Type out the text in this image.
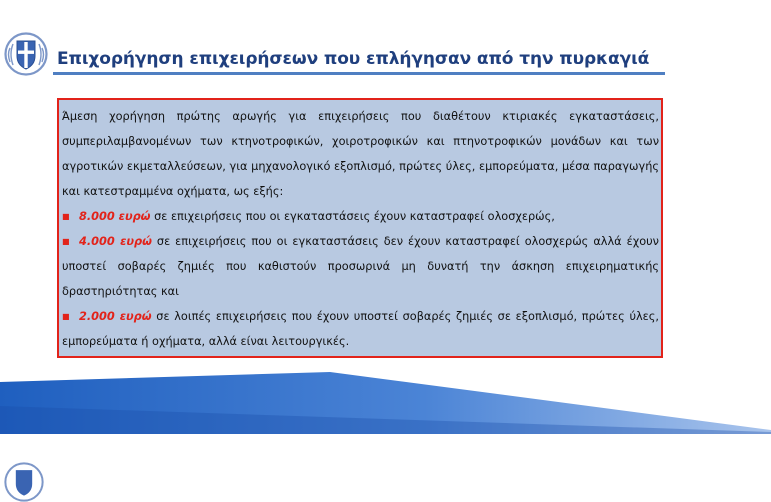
Επιχορήγηση επιχειρήσεων που επλήγησαν από την πυρκαγιά

Άμεση χορήγηση πρώτης αρωγής για επιχειρήσεις που διαθέτουν κτιριακές εγκαταστάσεις, συμπεριλαμβανομένων των κτηνοτροφικών, χοιροτροφικών και πτηνοτροφικών μονάδων και των αγροτικών εκμεταλλεύσεων, για μηχανολογικό εξοπλισμό, πρώτες ύλες, εμπορεύματα, μέσα παραγωγής και κατεστραμμένα οχήματα, ως εξής:

■ 8.000 ευρώ σε επιχειρήσεις που οι εγκαταστάσεις έχουν καταστραφεί ολοσχερώς,

■ 4.000 ευρώ σε επιχειρήσεις που οι εγκαταστάσεις δεν έχουν καταστραφεί ολοσχερώς αλλά έχουν υποστεί σοβαρές ζημιές που καθιστούν προσωρινά μη δυνατή την άσκηση επιχειρηματικής δραστηριότητας και

■ 2.000 ευρώ σε λοιπές επιχειρήσεις που έχουν υποστεί σοβαρές ζημιές σε εξοπλισμό, πρώτες ύλες, εμπορεύματα ή οχήματα, αλλά είναι λειτουργικές.
